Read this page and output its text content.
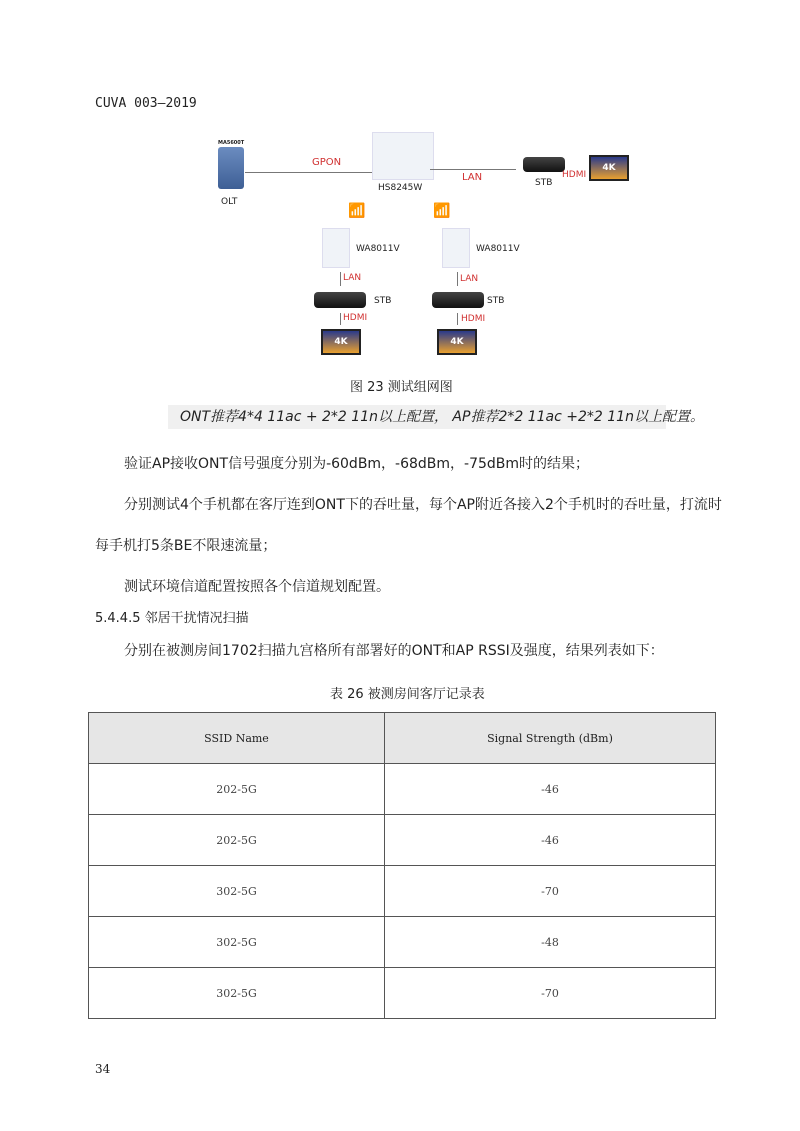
CUVA 003—2019
MA5600T
OLT
GPON
HS8245W
LAN	STB
HDMI
4K
📶
WA8011V
LAN
STB
HDMI
4K
📶
WA8011V
LAN
STB
HDMI
4K
图 23 测试组网图
ONT推荐4*4 11ac + 2*2 11n以上配置， AP推荐2*2 11ac +2*2 11n以上配置。
验证AP接收ONT信号强度分别为-60dBm，-68dBm，-75dBm时的结果；
分别测试4个手机都在客厅连到ONT下的吞吐量，每个AP附近各接入2个手机时的吞吐量，打流时
每手机打5条BE不限速流量；
测试环境信道配置按照各个信道规划配置。
5.4.4.5 邻居干扰情况扫描
分别在被测房间1702扫描九宫格所有部署好的ONT和AP RSSI及强度，结果列表如下：
表 26 被测房间客厅记录表
SSID Name	Signal Strength (dBm)
202-5G	-46
202-5G	-46
302-5G	-70
302-5G	-48
302-5G	-70
34
